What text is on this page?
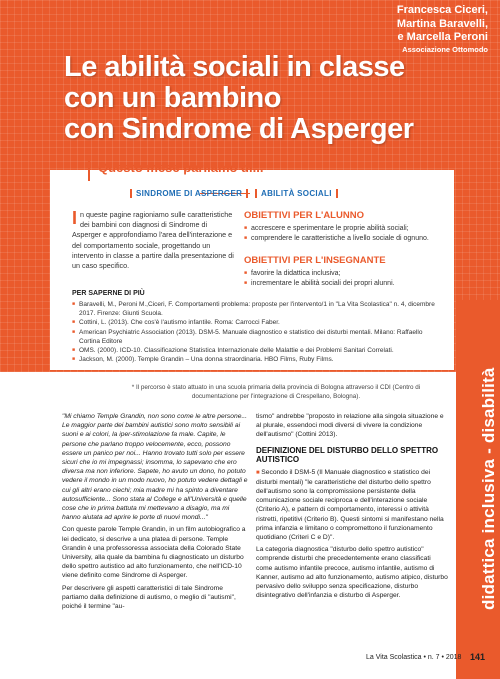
Francesca Ciceri,
Martina Baravelli,
e Marcella Peroni
Associazione Ottomodo
Le abilità sociali in classe
con un bambino
con Sindrome di Asperger
Questo mese parliamo di...
SINDROME DI ASPERGER	ABILITÀ SOCIALI
In queste pagine ragioniamo sulle caratteristiche dei bambini con diagnosi di Sindrome di Asperger e approfondiamo l'area dell'interazione e del comportamento sociale, progettando un intervento in classe a partire dalla presentazione di un caso specifico.
OBIETTIVI PER L'ALUNNO
■ accrescere e sperimentare le proprie abilità sociali;
■ comprendere le caratteristiche a livello sociale di ognuno.
OBIETTIVI PER L'INSEGNANTE
■ favorire la didattica inclusiva;
■ incrementare le abilità sociali dei propri alunni.
PER SAPERNE DI PIÙ
■ Baravelli, M., Peroni M.,Ciceri, F. Comportamenti problema: proposte per l'intervento/1 in "La Vita Scolastica" n. 4, dicembre 2017. Firenze: Giunti Scuola.
■ Cottini, L. (2013). Che cos'è l'autismo infantile. Roma: Carrocci Faber.
■ American Psychiatric Association (2013). DSM-5. Manuale diagnostico e statistico dei disturbi mentali. Milano: Raffaello Cortina Editore
■ OMS. (2000). ICD-10. Classificazione Statistica Internazionale delle Malattie e dei Problemi Sanitari Correlati.
■ Jackson, M. (2000). Temple Grandin – Una donna straordinaria. HBO Films, Ruby Films.
* Il percorso è stato attuato in una scuola primaria della provincia di Bologna attraverso il CDI (Centro di documentazione per l'integrazione di Crespellano, Bologna).	didattica inclusiva - disabilità

"Mi chiamo Temple Grandin, non sono come le altre persone... Le maggior parte dei bambini autistici sono molto sensibili ai suoni e ai colori, la iper-stimolazione fa male. Capite, le persone che parlano troppo velocemente, ecco, possono essere un panico per noi... Hanno trovato tutti solo per essere sicuri che io mi impegnassi; insomma, lo sapevano che ero diversa ma non inferiore. Sapete, ho avuto un dono, ho potuto vedere il mondo in un modo nuovo, ho potuto vedere dettagli e cui gli altri erano ciechi; mia madre mi ha spinto a diventare autosufficiente... Sono stata al College e all'Università e quelle cose che in prima battuta mi mettevano a disagio, ma mi hanno aiutata ad aprire le porte di nuovi mondi..."

Con queste parole Temple Grandin, in un film autobiografico a lei dedicato, si descrive a una platea di persone. Temple Grandin è una professoressa associata della Colorado State University, alla quale da bambina fu diagnosticato un disturbo dello spettro autistico ad alto funzionamento, che nell'ICD-10 viene definito come Sindrome di Asperger.

Per descrivere gli aspetti caratteristici di tale Sindrome partiamo dalla definizione di autismo, o meglio di "autismi", poiché il termine "au-

tismo" andrebbe "proposto in relazione alla singola situazione e al plurale, essendoci modi diversi di vivere la condizione dell'autismo" (Cottini 2013).

DEFINIZIONE DEL DISTURBO DELLO SPETTRO AUTISTICO

■ Secondo il DSM-5 (Il Manuale diagnostico e statistico dei disturbi mentali) "le caratteristiche del disturbo dello spettro dell'autismo sono la compromissione persistente della comunicazione sociale reciproca e dell'interazione sociale (Criterio A), e pattern di comportamento, interessi o attività ristretti, ripetitivi (Criterio B). Questi sintomi si manifestano nella prima infanzia e limitano o compromettono il funzionamento quotidiano (Criteri C e D)".

La categoria diagnostica "disturbo dello spettro autistico" comprende disturbi che precedentemente erano classificati come autismo infantile precoce, autismo infantile, autismo di Kanner, autismo ad alto funzionamento, autismo atipico, disturbo pervasivo dello sviluppo senza specificazione, disturbo disintegrativo dell'infanzia e disturbo di Asperger.

La Vita Scolastica • n. 7 • 2018 141
